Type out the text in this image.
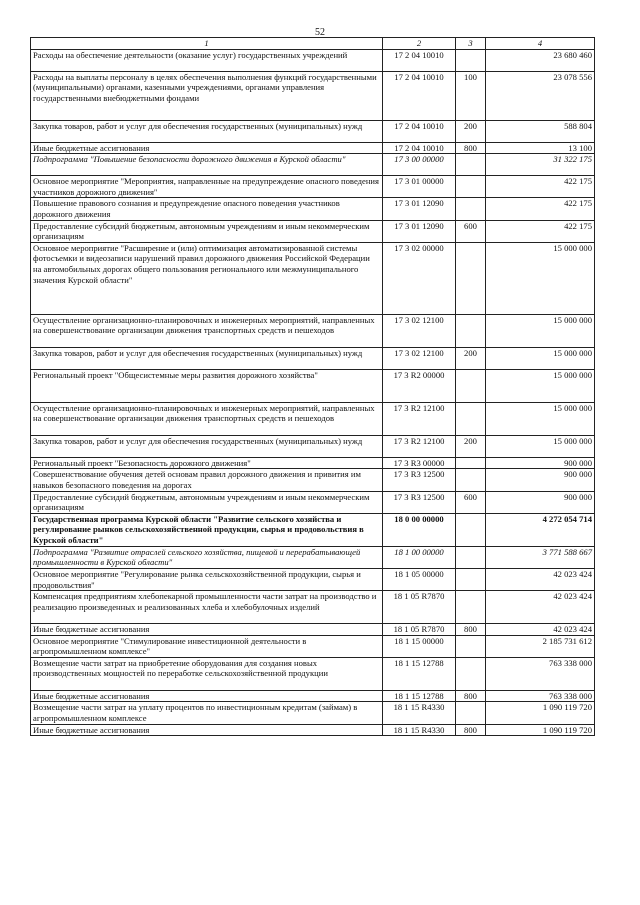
52
1	2	3	4
Расходы на обеспечение деятельности (оказание услуг) государственных учреждений	17 2 04 10010		23 680 460
Расходы на выплаты персоналу в целях обеспечения выполнения функций государственными (муниципальными) органами, казенными учреждениями, органами управления государственными внебюджетными фондами	17 2 04 10010	100	23 078 556
Закупка товаров, работ и услуг для обеспечения государственных (муниципальных) нужд	17 2 04 10010	200	588 804
Иные бюджетные ассигнования	17 2 04 10010	800	13 100
Подпрограмма "Повышение безопасности дорожного движения в Курской области"	17 3 00 00000		31 322 175
Основное мероприятие "Мероприятия, направленные на предупреждение опасного поведения участников дорожного движения"	17 3 01 00000		422 175
Повышение правового сознания и предупреждение опасного поведения участников дорожного движения	17 3 01 12090		422 175
Предоставление субсидий бюджетным, автономным учреждениям и иным некоммерческим организациям	17 3 01 12090	600	422 175
Основное мероприятие "Расширение и (или) оптимизация автоматизированной системы фотосъемки и видеозаписи нарушений правил дорожного движения Российской Федерации на автомобильных дорогах общего пользования регионального или межмуниципального значения Курской области"	17 3 02 00000		15 000 000
Осуществление организационно-планировочных и инженерных мероприятий, направленных на совершенствование организации движения транспортных средств и пешеходов	17 3 02 12100		15 000 000
Закупка товаров, работ и услуг для обеспечения государственных (муниципальных) нужд	17 3 02 12100	200	15 000 000
Региональный проект "Общесистемные меры развития дорожного хозяйства"	17 3 R2 00000		15 000 000
Осуществление организационно-планировочных и инженерных мероприятий, направленных на совершенствование организации движения транспортных средств и пешеходов	17 3 R2 12100		15 000 000
Закупка товаров, работ и услуг для обеспечения государственных (муниципальных) нужд	17 3 R2 12100	200	15 000 000
Региональный проект "Безопасность дорожного движения"	17 3 R3 00000		900 000
Совершенствование обучения детей основам правил дорожного движения и привития им навыков безопасного поведения на дорогах	17 3 R3 12500		900 000
Предоставление субсидий бюджетным, автономным учреждениям и иным некоммерческим организациям	17 3 R3 12500	600	900 000
Государственная программа Курской области "Развитие сельского хозяйства и регулирование рынков сельскохозяйственной продукции, сырья и продовольствия в Курской области"	18 0 00 00000		4 272 054 714
Подпрограмма "Развитие отраслей сельского хозяйства, пищевой и перерабатывающей промышленности в Курской области"	18 1 00 00000		3 771 588 667
Основное мероприятие "Регулирование рынка сельскохозяйственной продукции, сырья и продовольствия"	18 1 05 00000		42 023 424
Компенсация предприятиям хлебопекарной промышленности части затрат на производство и реализацию произведенных и реализованных хлеба и хлебобулочных изделий	18 1 05 R7870		42 023 424
Иные бюджетные ассигнования	18 1 05 R7870	800	42 023 424
Основное мероприятие "Стимулирование инвестиционной деятельности в агропромышленном комплексе"	18 1 15 00000		2 185 731 612
Возмещение части затрат на приобретение оборудования для создания новых производственных мощностей по переработке сельскохозяйственной продукции	18 1 15 12788		763 338 000
Иные бюджетные ассигнования	18 1 15 12788	800	763 338 000
Возмещение части затрат на уплату процентов по инвестиционным кредитам (займам) в агропромышленном комплексе	18 1 15 R4330		1 090 119 720
Иные бюджетные ассигнования	18 1 15 R4330	800	1 090 119 720
